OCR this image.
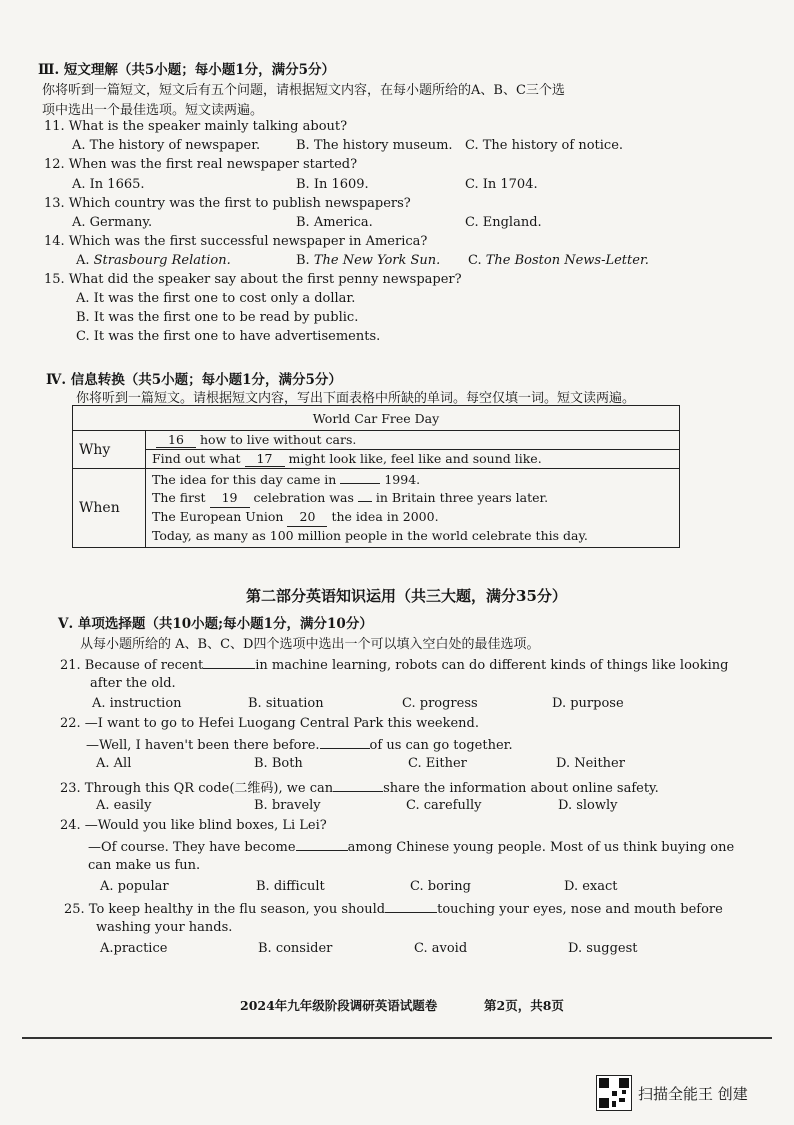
Ⅲ. 短文理解（共5小题；每小题1分，满分5分）
你将听到一篇短文，短文后有五个问题，请根据短文内容，在每小题所给的A、B、C三个选
项中选出一个最佳选项。短文读两遍。
11. What is the speaker mainly talking about?
A. The history of newspaper.	B. The history museum. C. The history of notice.
12. When was the first real newspaper started?
A. In 1665.	B. In 1609.	C. In 1704.
13. Which country was the first to publish newspapers?
A. Germany.	B. America.	C. England.
14. Which was the first successful newspaper in America?
A. Strasbourg Relation.	B. The New York Sun. C. The Boston News-Letter.
15. What did the speaker say about the first penny newspaper?
A. It was the first one to cost only a dollar.
B. It was the first one to be read by public.
C. It was the first one to have advertisements.
Ⅳ. 信息转换（共5小题；每小题1分，满分5分）
你将听到一篇短文。请根据短文内容，写出下面表格中所缺的单词。每空仅填一词。短文读两遍。
World Car Free Day	
Why	16 how to live without cars.
	Find out what 17 might look like, feel like and sound like.
When	The idea for this day came in 1994.
The first 19 celebration was in Britain three years later.
The European Union 20 the idea in 2000.
Today, as many as 100 million people in the world celebrate this day.
第二部分英语知识运用（共三大题，满分35分）
Ⅴ. 单项选择题（共10小题;每小题1分，满分10分）
从每小题所给的 A、B、C、D四个选项中选出一个可以填入空白处的最佳选项。
21. Because of recent	in machine learning, robots can do different kinds of things like looking
after the old.
A. instruction	B. situation	C. progress	D. purpose
22. —I want to go to Hefei Luogang Central Park this weekend.
—Well, I haven't been there before.	of us can go together.
A. All	B. Both	C. Either	D. Neither
23. Through this QR code(二维码), we can	share the information about online safety.
A. easily	B. bravely	C. carefully	D. slowly
24. —Would you like blind boxes, Li Lei?
—Of course. They have become	among Chinese young people. Most of us think buying one
can make us fun.
A. popular	B. difficult	C. boring	D. exact
25. To keep healthy in the flu season, you should	touching your eyes, nose and mouth before
washing your hands.
A.practice	B. consider	C. avoid	D. suggest
2024年九年级阶段调研英语试题卷	第2页，共8页
扫描全能王 创建
